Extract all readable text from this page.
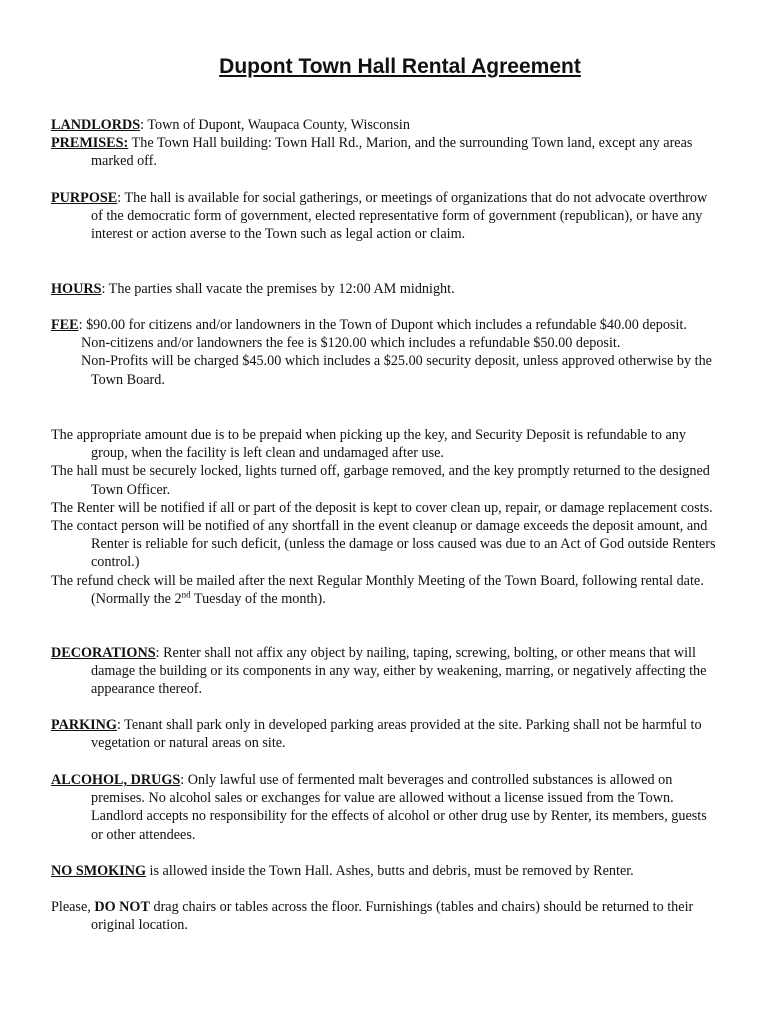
Dupont Town Hall Rental Agreement

LANDLORDS: Town of Dupont, Waupaca County, Wisconsin

PREMISES: The Town Hall building: Town Hall Rd., Marion, and the surrounding Town land, except any areas marked off.

PURPOSE: The hall is available for social gatherings, or meetings of organizations that do not advocate overthrow of the democratic form of government, elected representative form of government (republican), or have any interest or action averse to the Town such as legal action or claim.

HOURS: The parties shall vacate the premises by 12:00 AM midnight.

FEE: $90.00 for citizens and/or landowners in the Town of Dupont which includes a refundable $40.00 deposit.

Non-citizens and/or landowners the fee is $120.00 which includes a refundable $50.00 deposit.

Non-Profits will be charged $45.00 which includes a $25.00 security deposit, unless approved otherwise by the Town Board.

The appropriate amount due is to be prepaid when picking up the key, and Security Deposit is refundable to any group, when the facility is left clean and undamaged after use.

The hall must be securely locked, lights turned off, garbage removed, and the key promptly returned to the designed Town Officer.

The Renter will be notified if all or part of the deposit is kept to cover clean up, repair, or damage replacement costs.

The contact person will be notified of any shortfall in the event cleanup or damage exceeds the deposit amount, and Renter is reliable for such deficit, (unless the damage or loss caused was due to an Act of God outside Renters control.)

The refund check will be mailed after the next Regular Monthly Meeting of the Town Board, following rental date. (Normally the 2nd Tuesday of the month).

DECORATIONS: Renter shall not affix any object by nailing, taping, screwing, bolting, or other means that will damage the building or its components in any way, either by weakening, marring, or negatively affecting the appearance thereof.

PARKING: Tenant shall park only in developed parking areas provided at the site. Parking shall not be harmful to vegetation or natural areas on site.

ALCOHOL, DRUGS: Only lawful use of fermented malt beverages and controlled substances is allowed on premises. No alcohol sales or exchanges for value are allowed without a license issued from the Town. Landlord accepts no responsibility for the effects of alcohol or other drug use by Renter, its members, guests or other attendees.

NO SMOKING is allowed inside the Town Hall. Ashes, butts and debris, must be removed by Renter.

Please, DO NOT drag chairs or tables across the floor. Furnishings (tables and chairs) should be returned to their original location.
